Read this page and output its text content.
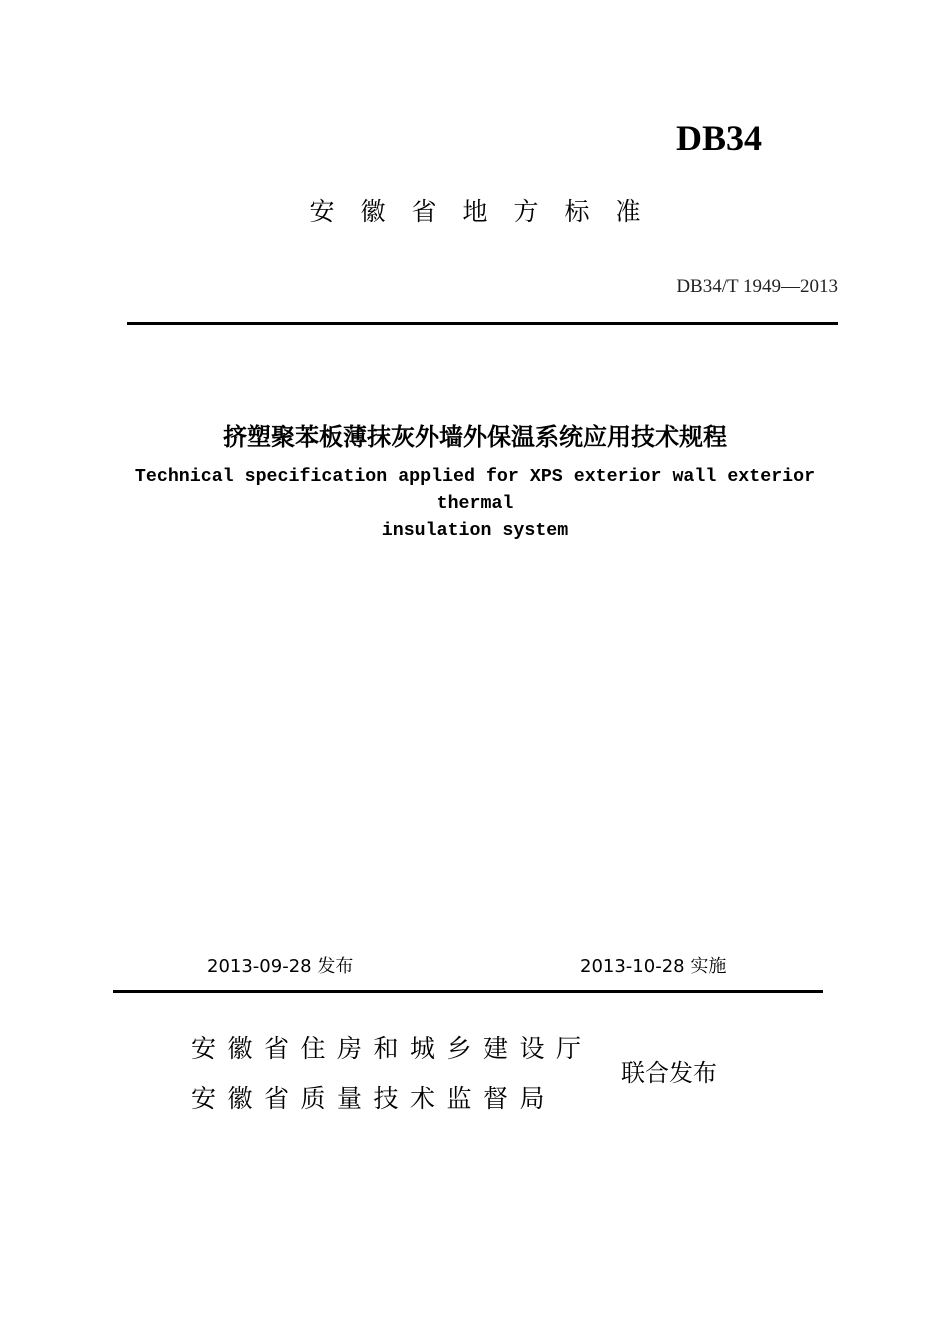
DB34
安徽省地方标准
DB34/T 1949—2013
挤塑聚苯板薄抹灰外墙外保温系统应用技术规程
Technical specification applied for XPS exterior wall exterior thermal
insulation system
2013-09-28 发布	2013-10-28 实施
安徽省住房和城乡建设厅
安徽省质量技术监督局
联合发布
